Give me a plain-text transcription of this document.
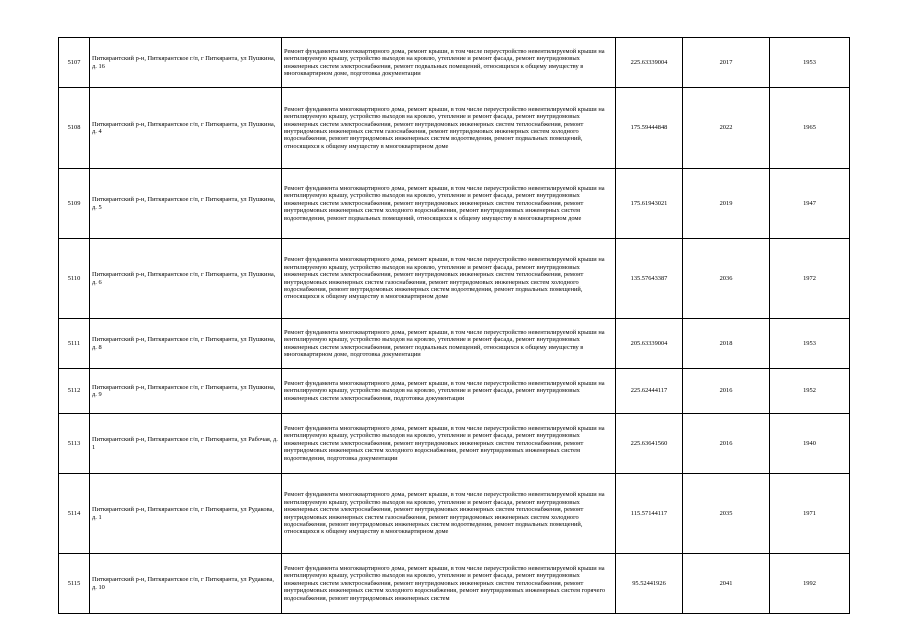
5107	Питкярантский р-н, Питкярантское г/п, г Питкяранта, ул Пушкина, д. 16	Ремонт фундамента многоквартирного дома, ремонт крыши, в том числе переустройство невентилируемой крыши на вентилируемую крышу, устройство выходов на кровлю, утепление и ремонт фасада, ремонт внутридомовых инженерных систем электроснабжения, ремонт подвальных помещений, относящихся к общему имуществу в многоквартирном доме, подготовка документации	225.63339004	2017	1953
5108	Питкярантский р-н, Питкярантское г/п, г Питкяранта, ул Пушкина, д. 4	Ремонт фундамента многоквартирного дома, ремонт крыши, в том числе переустройство невентилируемой крыши на вентилируемую крышу, устройство выходов на кровлю, утепление и ремонт фасада, ремонт внутридомовых инженерных систем электроснабжения, ремонт внутридомовых инженерных систем теплоснабжения, ремонт внутридомовых инженерных систем газоснабжения, ремонт внутридомовых инженерных систем холодного водоснабжения, ремонт внутридомовых инженерных систем водоотведения, ремонт подвальных помещений, относящихся к общему имуществу в многоквартирном доме	175.59444848	2022	1965
5109	Питкярантский р-н, Питкярантское г/п, г Питкяранта, ул Пушкина, д. 5	Ремонт фундамента многоквартирного дома, ремонт крыши, в том числе переустройство невентилируемой крыши на вентилируемую крышу, устройство выходов на кровлю, утепление и ремонт фасада, ремонт внутридомовых инженерных систем электроснабжения, ремонт внутридомовых инженерных систем теплоснабжения, ремонт внутридомовых инженерных систем холодного водоснабжения, ремонт внутридомовых инженерных систем водоотведения, ремонт подвальных помещений, относящихся к общему имуществу в многоквартирном доме	175.61943021	2019	1947
5110	Питкярантский р-н, Питкярантское г/п, г Питкяранта, ул Пушкина, д. 6	Ремонт фундамента многоквартирного дома, ремонт крыши, в том числе переустройство невентилируемой крыши на вентилируемую крышу, устройство выходов на кровлю, утепление и ремонт фасада, ремонт внутридомовых инженерных систем электроснабжения, ремонт внутридомовых инженерных систем теплоснабжения, ремонт внутридомовых инженерных систем газоснабжения, ремонт внутридомовых инженерных систем холодного водоснабжения, ремонт внутридомовых инженерных систем водоотведения, ремонт подвальных помещений, относящихся к общему имуществу в многоквартирном доме	135.57643387	2036	1972
5111	Питкярантский р-н, Питкярантское г/п, г Питкяранта, ул Пушкина, д. 8	Ремонт фундамента многоквартирного дома, ремонт крыши, в том числе переустройство невентилируемой крыши на вентилируемую крышу, устройство выходов на кровлю, утепление и ремонт фасада, ремонт внутридомовых инженерных систем электроснабжения, ремонт подвальных помещений, относящихся к общему имуществу в многоквартирном доме, подготовка документации	205.63339004	2018	1953
5112	Питкярантский р-н, Питкярантское г/п, г Питкяранта, ул Пушкина, д. 9	Ремонт фундамента многоквартирного дома, ремонт крыши, в том числе переустройство невентилируемой крыши на вентилируемую крышу, устройство выходов на кровлю, утепление и ремонт фасада, ремонт внутридомовых инженерных систем электроснабжения, подготовка документации	225.62444117	2016	1952
5113	Питкярантский р-н, Питкярантское г/п, г Питкяранта, ул Рабочая, д. 1	Ремонт фундамента многоквартирного дома, ремонт крыши, в том числе переустройство невентилируемой крыши на вентилируемую крышу, устройство выходов на кровлю, утепление и ремонт фасада, ремонт внутридомовых инженерных систем электроснабжения, ремонт внутридомовых инженерных систем теплоснабжения, ремонт внутридомовых инженерных систем холодного водоснабжения, ремонт внутридомовых инженерных систем водоотведения, подготовка документации	225.63641560	2016	1940
5114	Питкярантский р-н, Питкярантское г/п, г Питкяранта, ул Рудакова, д. 1	Ремонт фундамента многоквартирного дома, ремонт крыши, в том числе переустройство невентилируемой крыши на вентилируемую крышу, устройство выходов на кровлю, утепление и ремонт фасада, ремонт внутридомовых инженерных систем электроснабжения, ремонт внутридомовых инженерных систем теплоснабжения, ремонт внутридомовых инженерных систем газоснабжения, ремонт внутридомовых инженерных систем холодного водоснабжения, ремонт внутридомовых инженерных систем водоотведения, ремонт подвальных помещений, относящихся к общему имуществу в многоквартирном доме	115.57144117	2035	1971
5115	Питкярантский р-н, Питкярантское г/п, г Питкяранта, ул Рудакова, д. 10	Ремонт фундамента многоквартирного дома, ремонт крыши, в том числе переустройство невентилируемой крыши на вентилируемую крышу, устройство выходов на кровлю, утепление и ремонт фасада, ремонт внутридомовых инженерных систем электроснабжения, ремонт внутридомовых инженерных систем теплоснабжения, ремонт внутридомовых инженерных систем холодного водоснабжения, ремонт внутридомовых инженерных систем горячего водоснабжения, ремонт внутридомовых инженерных систем	95.52441926	2041	1992
